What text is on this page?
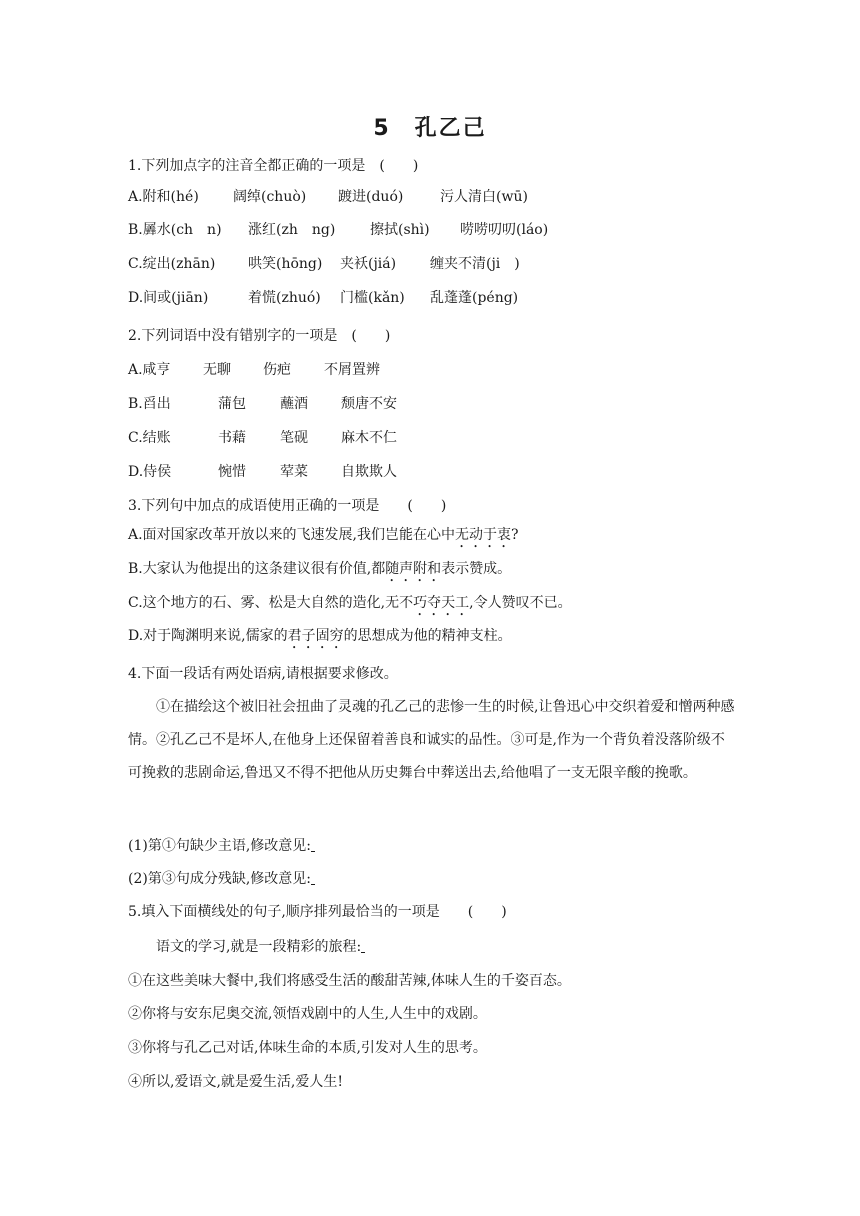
5　孔乙己
1.下列加点字的注音全都正确的一项是　(　　)
A.附和(hé) 阔绰(chuò) 踱进(duó)	污人清白(wū)
B.羼水(ch　n) 涨红(zh　ng) 擦拭(shì) 唠唠叨叨(láo)
C.绽出(zhān) 哄笑(hōng) 夹袄(jiá) 缠夹不清(ji　)
D.间或(jiān)	着慌(zhuó) 门槛(kǎn) 乱蓬蓬(péng)
2.下列词语中没有错别字的一项是　(　　)
A.咸亨 无聊 伤疤 不屑置辨
B.舀出	蒲包 蘸酒 颓唐不安
C.结账	书藉 笔砚 麻木不仁
D.侍侯	惋惜 荤菜 自欺欺人
3.下列句中加点的成语使用正确的一项是　　(　　)
A.面对国家改革开放以来的飞速发展,我们岂能在心中无动于衷?
B.大家认为他提出的这条建议很有价值,都随声附和表示赞成。
C.这个地方的石、雾、松是大自然的造化,无不巧夺天工,令人赞叹不已。
D.对于陶渊明来说,儒家的君子固穷的思想成为他的精神支柱。
4.下面一段话有两处语病,请根据要求修改。
①在描绘这个被旧社会扭曲了灵魂的孔乙己的悲惨一生的时候,让鲁迅心中交织着爱和憎两种感情。②孔乙己不是坏人,在他身上还保留着善良和诚实的品性。③可是,作为一个背负着没落阶级不可挽救的悲剧命运,鲁迅又不得不把他从历史舞台中葬送出去,给他唱了一支无限辛酸的挽歌。
(1)第①句缺少主语,修改意见:
(2)第③句成分残缺,修改意见:
5.填入下面横线处的句子,顺序排列最恰当的一项是　　(　　)
语文的学习,就是一段精彩的旅程:
①在这些美味大餐中,我们将感受生活的酸甜苦辣,体味人生的千姿百态。
②你将与安东尼奥交流,领悟戏剧中的人生,人生中的戏剧。
③你将与孔乙己对话,体味生命的本质,引发对人生的思考。
④所以,爱语文,就是爱生活,爱人生!
